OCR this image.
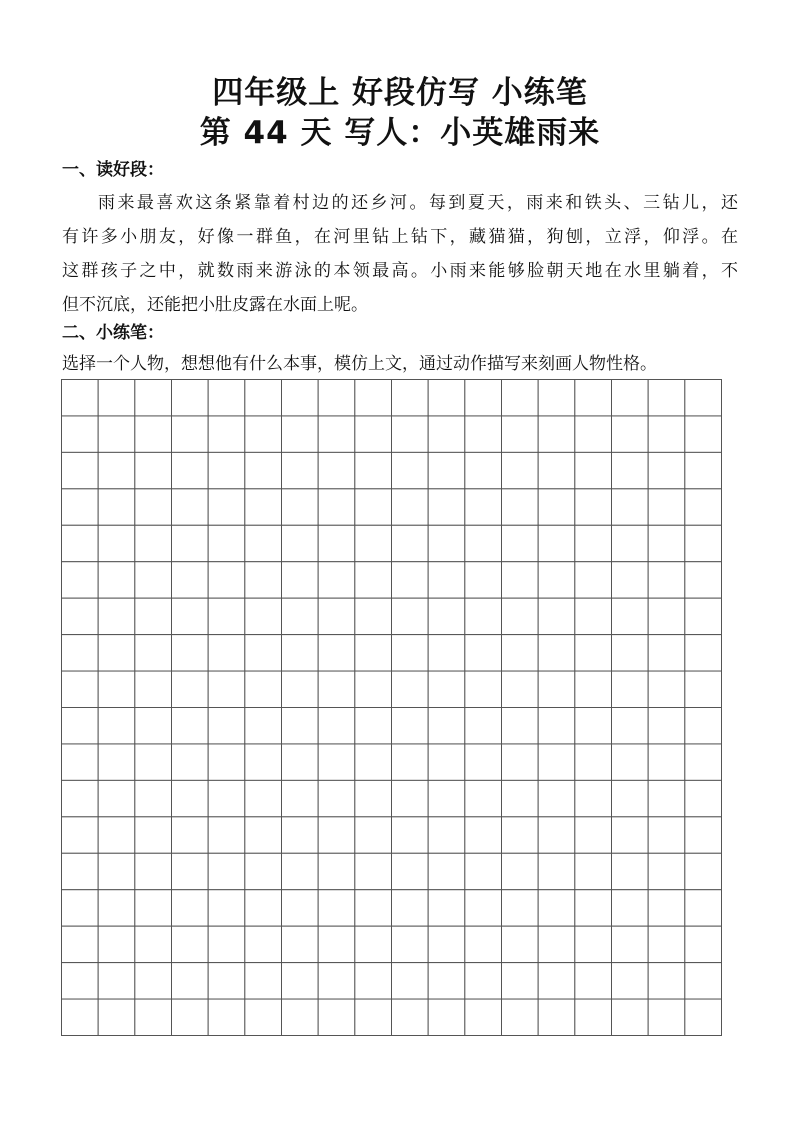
四年级上 好段仿写 小练笔
第 44 天 写人：小英雄雨来
一、读好段：
雨来最喜欢这条紧靠着村边的还乡河。每到夏天，雨来和铁头、三钻儿，还
有许多小朋友，好像一群鱼，在河里钻上钻下，藏猫猫，狗刨，立浮，仰浮。在
这群孩子之中，就数雨来游泳的本领最高。小雨来能够脸朝天地在水里躺着，不
但不沉底，还能把小肚皮露在水面上呢。
二、小练笔：
选择一个人物，想想他有什么本事，模仿上文，通过动作描写来刻画人物性格。
